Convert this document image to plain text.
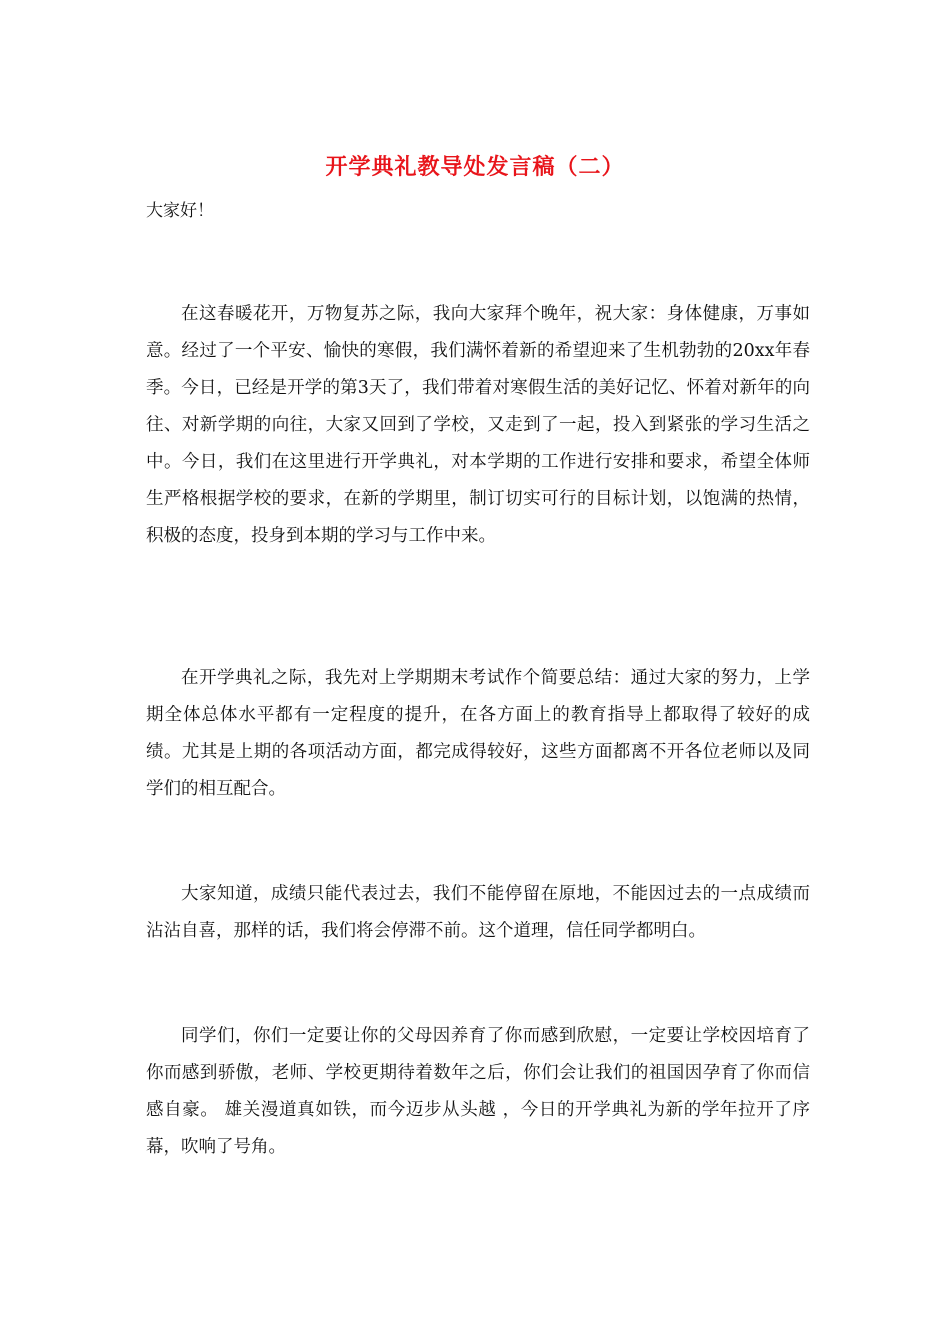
开学典礼教导处发言稿（二）

大家好！

在这春暖花开，万物复苏之际，我向大家拜个晚年，祝大家：身体健康，万事如意。经过了一个平安、愉快的寒假，我们满怀着新的希望迎来了生机勃勃的20xx年春季。今日，已经是开学的第3天了，我们带着对寒假生活的美好记忆、怀着对新年的向往、对新学期的向往，大家又回到了学校，又走到了一起，投入到紧张的学习生活之中。今日，我们在这里进行开学典礼，对本学期的工作进行安排和要求，希望全体师生严格根据学校的要求，在新的学期里，制订切实可行的目标计划，以饱满的热情，积极的态度，投身到本期的学习与工作中来。

在开学典礼之际，我先对上学期期末考试作个简要总结：通过大家的努力，上学期全体总体水平都有一定程度的提升，在各方面上的教育指导上都取得了较好的成绩。尤其是上期的各项活动方面，都完成得较好，这些方面都离不开各位老师以及同学们的相互配合。

大家知道，成绩只能代表过去，我们不能停留在原地，不能因过去的一点成绩而沾沾自喜，那样的话，我们将会停滞不前。这个道理，信任同学都明白。

同学们，你们一定要让你的父母因养育了你而感到欣慰，一定要让学校因培育了你而感到骄傲，老师、学校更期待着数年之后，你们会让我们的祖国因孕育了你而信感自豪。 雄关漫道真如铁，而今迈步从头越 ，今日的开学典礼为新的学年拉开了序幕，吹响了号角。
